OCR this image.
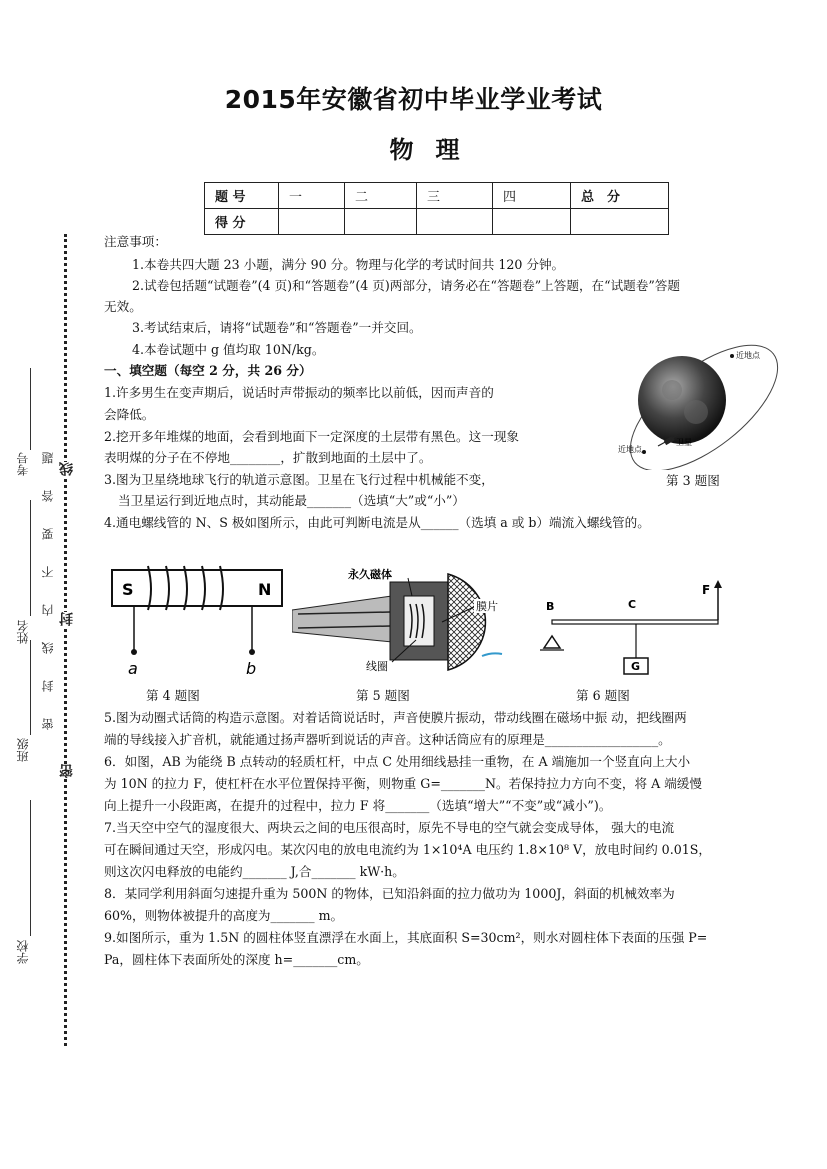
2015年安徽省初中毕业学业考试
物理
题 号	一	二	三	四	总　分
得 分					
考号
姓名
班级
学校
题
答
要
不
内
线
封
密
线
封
密
注意事项：
1.本卷共四大题 23 小题，满分 90 分。物理与化学的考试时间共 120 分钟。
2.试卷包括题“试题卷”(4 页)和“答题卷”(4 页)两部分，请务必在“答题卷”上答题，在“试题卷”答题
无效。
3.考试结束后，请将“试题卷”和“答题卷”一并交回。
4.本卷试题中 g 值均取 10N/kg。
一、填空题（每空 2 分，共 26 分）
1.许多男生在变声期后，说话时声带振动的频率比以前低，因而声音的
会降低。
2.挖开多年堆煤的地面，会看到地面下一定深度的土层带有黑色。这一现象
表明煤的分子在不停地________，扩散到地面的土层中了。
3.图为卫星绕地球飞行的轨道示意图。卫星在飞行过程中机械能不变，
当卫星运行到近地点时，其动能最_______（选填“大”或“小”）
4.通电螺线管的 N、S 极如图所示，由此可判断电流是从______（选填 a 或 b）端流入螺线管的。
近地点
近地点
卫星
第 3 题图
S	N
a	b
第 4 题图
永久磁体
膜片
线圈
第 5 题图
B	C
G
F
第 6 题图
5.图为动圈式话筒的构造示意图。对着话筒说话时，声音使膜片振动，带动线圈在磁场中振 动，把线圈两
端的导线接入扩音机，就能通过扬声器听到说话的声音。这种话筒应有的原理是__________________。
6．如图，AB 为能绕 B 点转动的轻质杠杆，中点 C 处用细线悬挂一重物，在 A 端施加一个竖直向上大小
为 10N 的拉力 F，使杠杆在水平位置保持平衡，则物重 G=_______N。若保持拉力方向不变，将 A 端缓慢
向上提升一小段距离，在提升的过程中，拉力 F 将_______（选填“增大”“不变”或“减小”)。
7.当天空中空气的湿度很大、两块云之间的电压很高时，原先不导电的空气就会变成导体， 强大的电流
可在瞬间通过天空，形成闪电。某次闪电的放电电流约为 1×10⁴A 电压约 1.8×10⁸ V，放电时间约 0.01S，
则这次闪电释放的电能约_______ J,合_______ kW·h。
8．某同学利用斜面匀速提升重为 500N 的物体，已知沿斜面的拉力做功为 1000J，斜面的机械效率为
60%，则物体被提升的高度为_______ m。
9.如图所示，重为 1.5N 的圆柱体竖直漂浮在水面上，其底面积 S=30cm²，则水对圆柱体下表面的压强 P=
Pa，圆柱体下表面所处的深度 h=_______cm。
